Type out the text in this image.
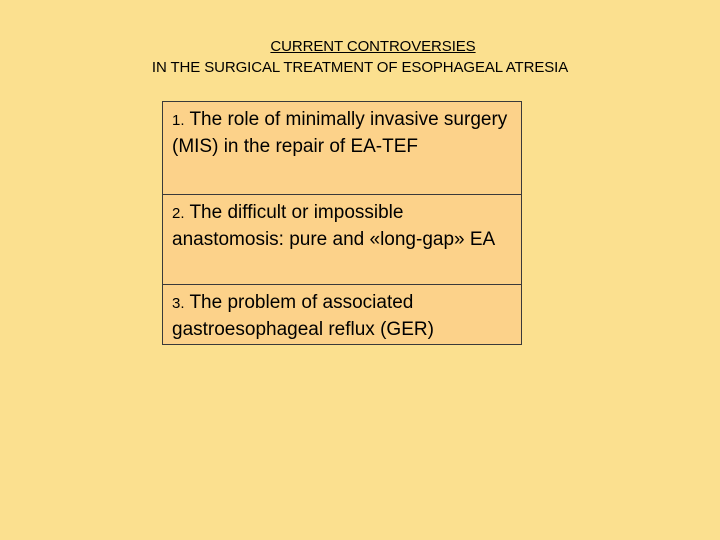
CURRENT CONTROVERSIES
IN THE SURGICAL TREATMENT OF ESOPHAGEAL ATRESIA
1. The role of minimally invasive surgery (MIS) in the repair of EA-TEF
2. The difficult or impossible anastomosis: pure and «long-gap» EA
3. The problem of associated gastroesophageal reflux (GER)
